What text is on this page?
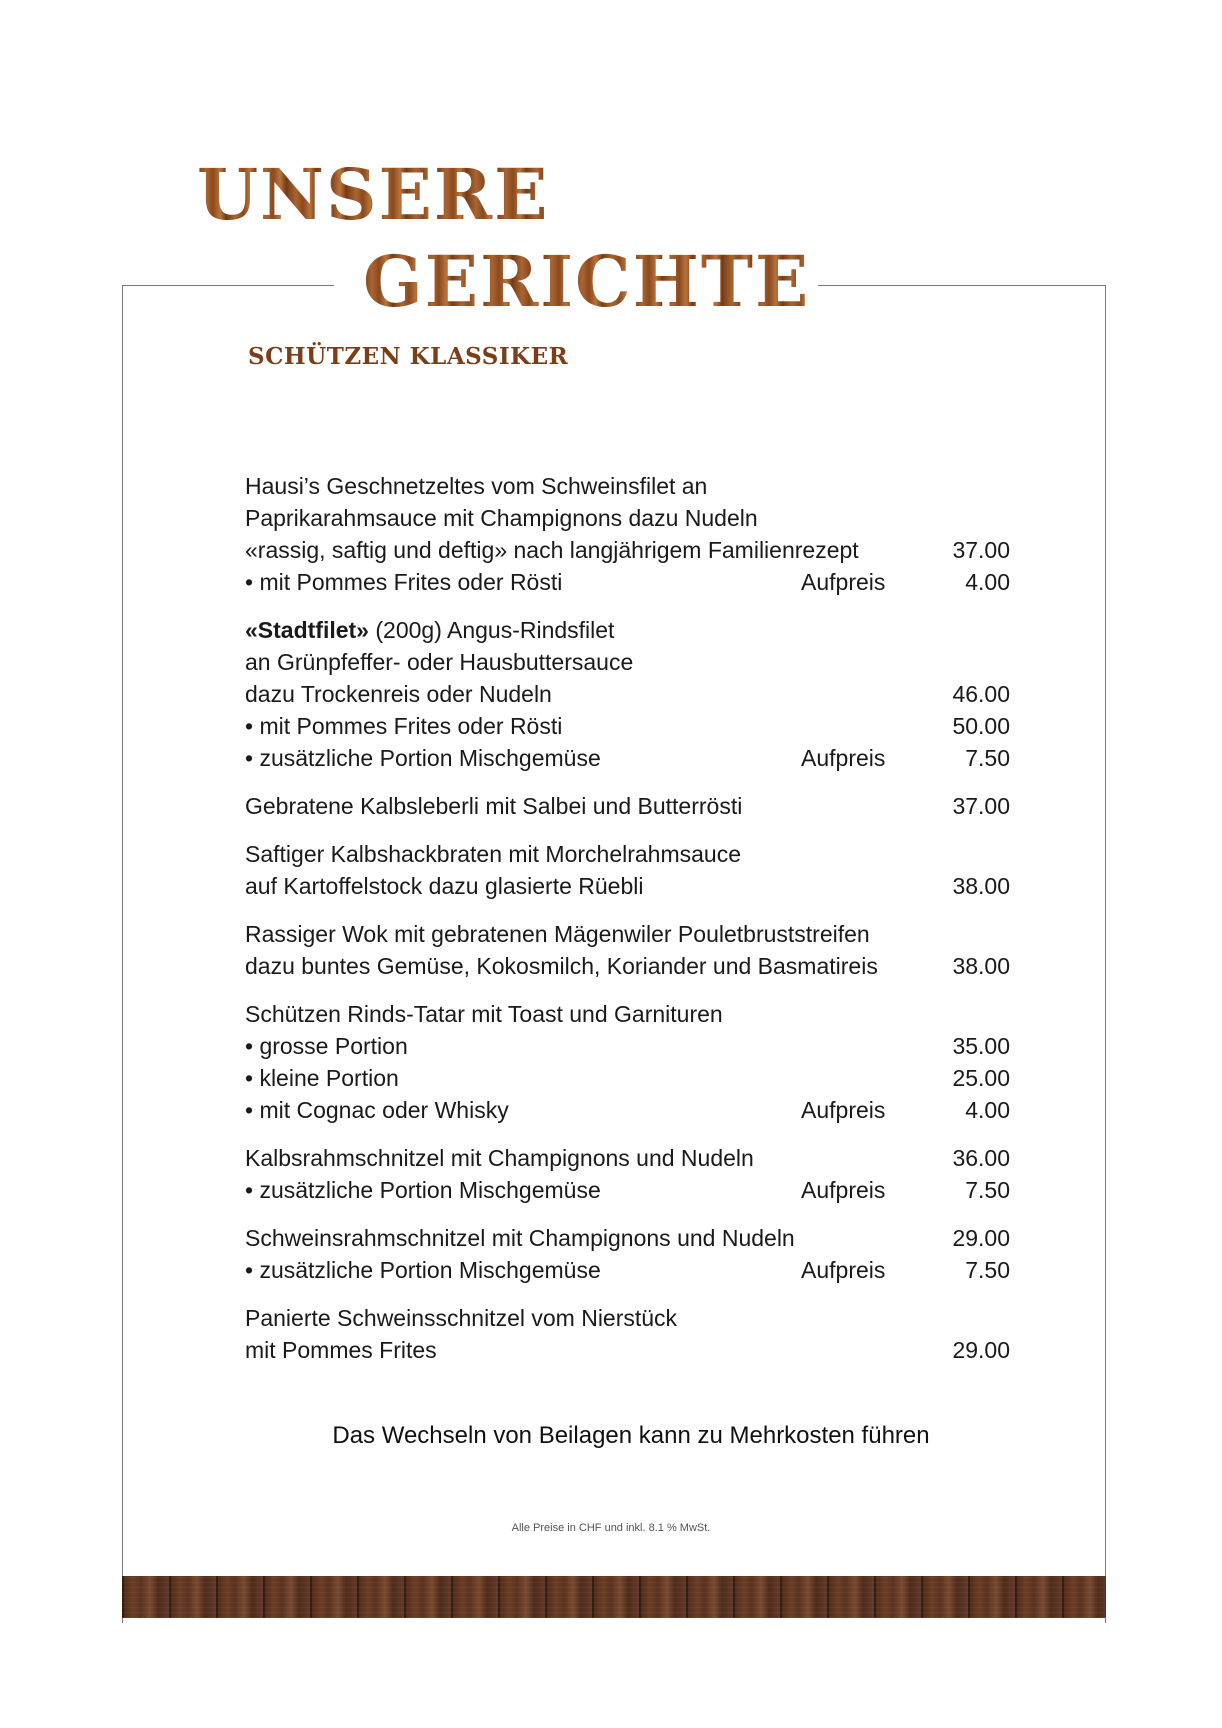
UNSERE
GERICHTE
SCHÜTZEN KLASSIKER
Hausi’s Geschnetzeltes vom Schweinsfilet an
Paprikarahmsauce mit Champignons dazu Nudeln
«rassig, saftig und deftig» nach langjährigem Familienrezept	37.00
• mit Pommes Frites oder Rösti	Aufpreis	4.00
«Stadtfilet» (200g) Angus-Rindsfilet
an Grünpfeffer- oder Hausbuttersauce
dazu Trockenreis oder Nudeln	46.00
• mit Pommes Frites oder Rösti	50.00
• zusätzliche Portion Mischgemüse	Aufpreis	7.50
Gebratene Kalbsleberli mit Salbei und Butterrösti	37.00
Saftiger Kalbshackbraten mit Morchelrahmsauce
auf Kartoffelstock dazu glasierte Rüebli	38.00
Rassiger Wok mit gebratenen Mägenwiler Pouletbruststreifen
dazu buntes Gemüse, Kokosmilch, Koriander und Basmatireis	38.00
Schützen Rinds-Tatar mit Toast und Garnituren
• grosse Portion	35.00
• kleine Portion	25.00
• mit Cognac oder Whisky	Aufpreis	4.00
Kalbsrahmschnitzel mit Champignons und Nudeln	36.00
• zusätzliche Portion Mischgemüse	Aufpreis	7.50
Schweinsrahmschnitzel mit Champignons und Nudeln	29.00
• zusätzliche Portion Mischgemüse	Aufpreis	7.50
Panierte Schweinsschnitzel vom Nierstück
mit Pommes Frites	29.00
Das Wechseln von Beilagen kann zu Mehrkosten führen
Alle Preise in CHF und inkl. 8.1 % MwSt.
